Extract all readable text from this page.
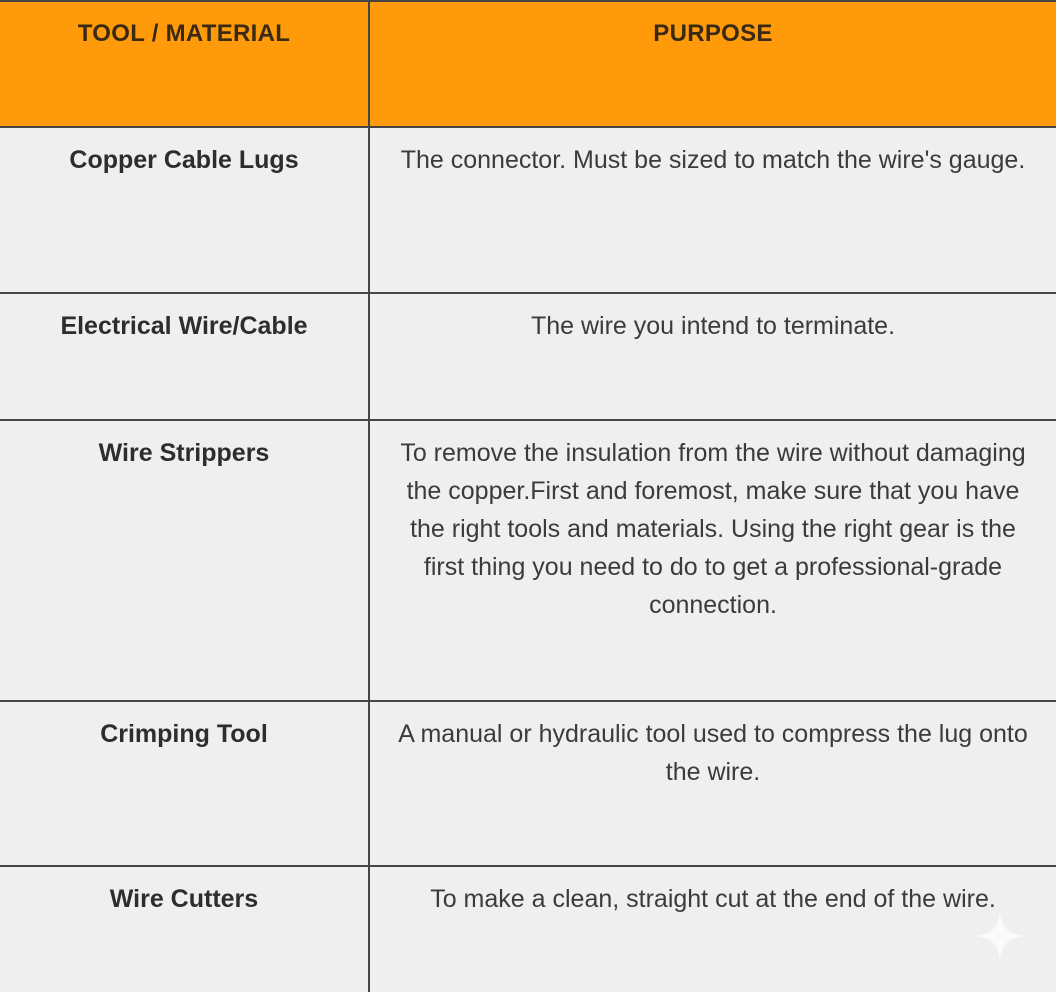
TOOL / MATERIAL	PURPOSE
Copper Cable Lugs	The connector. Must be sized to match the wire's gauge.
Electrical Wire/Cable	The wire you intend to terminate.
Wire Strippers	To remove the insulation from the wire without damaging the copper.First and foremost, make sure that you have the right tools and materials. Using the right gear is the first thing you need to do to get a professional-grade connection.
Crimping Tool	A manual or hydraulic tool used to compress the lug onto the wire.
Wire Cutters	To make a clean, straight cut at the end of the wire.
